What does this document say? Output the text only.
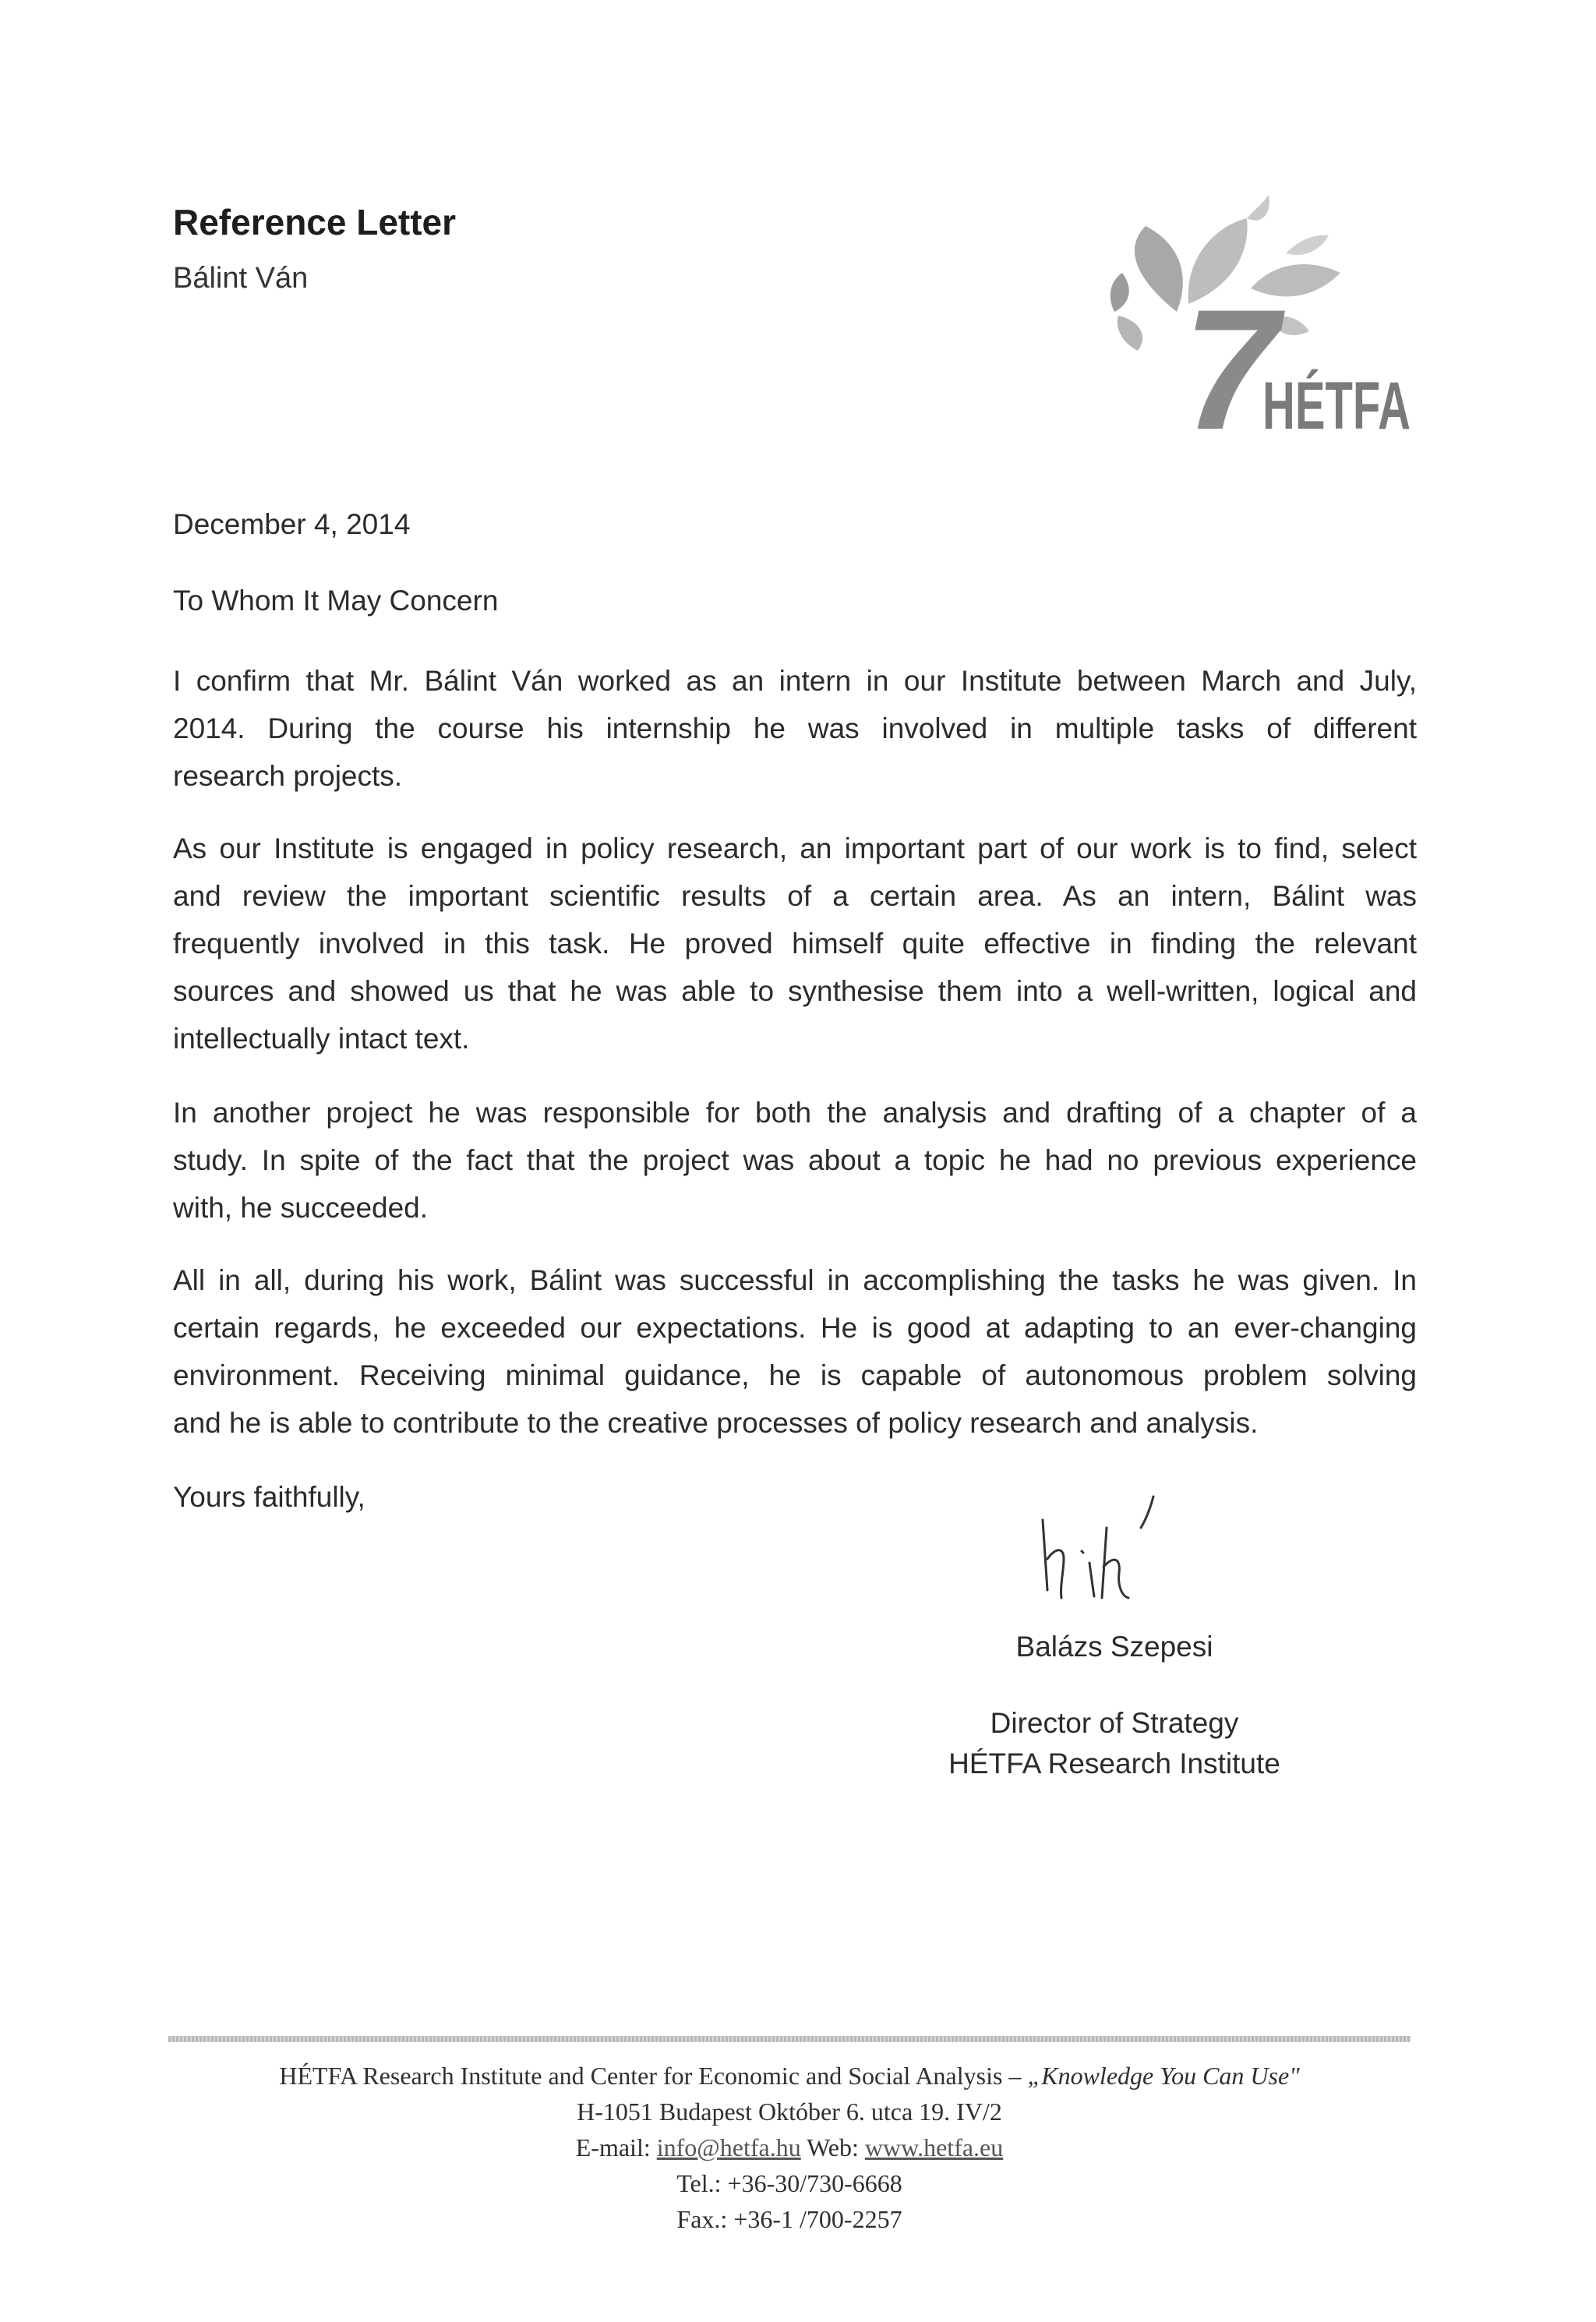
Reference Letter
Bálint Ván	7
HÉTFA
December 4, 2014
To Whom It May Concern
I confirm that Mr. Bálint Ván worked as an intern in our Institute between March and July,
2014. During the course his internship he was involved in multiple tasks of different
research projects.
As our Institute is engaged in policy research, an important part of our work is to find, select
and review the important scientific results of a certain area. As an intern, Bálint was
frequently involved in this task. He proved himself quite effective in finding the relevant
sources and showed us that he was able to synthesise them into a well-written, logical and
intellectually intact text.
In another project he was responsible for both the analysis and drafting of a chapter of a
study. In spite of the fact that the project was about a topic he had no previous experience
with, he succeeded.
All in all, during his work, Bálint was successful in accomplishing the tasks he was given. In
certain regards, he exceeded our expectations. He is good at adapting to an ever-changing
environment. Receiving minimal guidance, he is capable of autonomous problem solving
and he is able to contribute to the creative processes of policy research and analysis.
Yours faithfully,
Balázs Szepesi
Director of Strategy
HÉTFA Research Institute
HÉTFA Research Institute and Center for Economic and Social Analysis – „Knowledge You Can Use"
H-1051 Budapest Október 6. utca 19. IV/2
E-mail: info@hetfa.hu Web: www.hetfa.eu
Tel.: +36-30/730-6668
Fax.: +36-1 /700-2257
